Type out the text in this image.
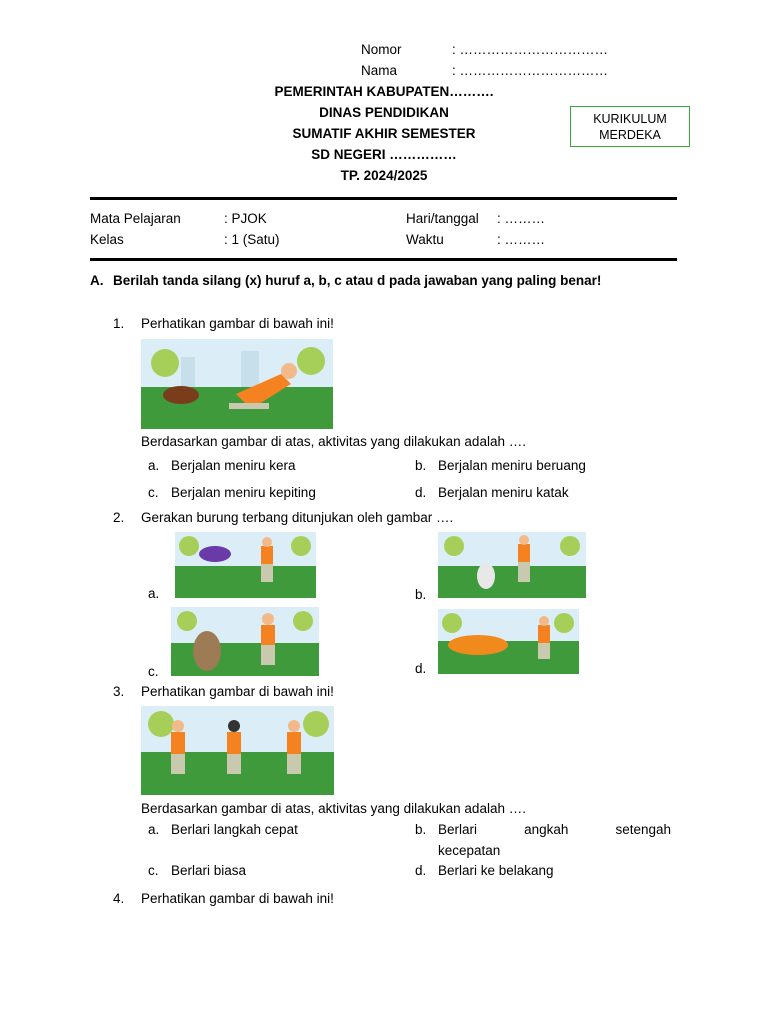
Nomor	: ……………………………
Nama	: ……………………………
PEMERINTAH KABUPATEN……….
DINAS PENDIDIKAN
SUMATIF AKHIR SEMESTER
SD NEGERI ……………
TP. 2024/2025
KURIKULUM
MERDEKA
Mata Pelajaran	: PJOK	Hari/tanggal : ………
Kelas	: 1 (Satu)	Waktu	: ………
A. Berilah tanda silang (x) huruf a, b, c atau d pada jawaban yang paling benar!
1. Perhatikan gambar di bawah ini!
Berdasarkan gambar di atas, aktivitas yang dilakukan adalah ….
a. Berjalan meniru kera	b. Berjalan meniru beruang
c. Berjalan meniru kepiting	d. Berjalan meniru katak
2. Gerakan burung terbang ditunjukan oleh gambar ….
a.	b.
c.	d.
3. Perhatikan gambar di bawah ini!
Berdasarkan gambar di atas, aktivitas yang dilakukan adalah ….
a. Berlari langkah cepat	b. Berlari angkah setengah
kecepatan
c. Berlari biasa	d. Berlari ke belakang
4. Perhatikan gambar di bawah ini!
